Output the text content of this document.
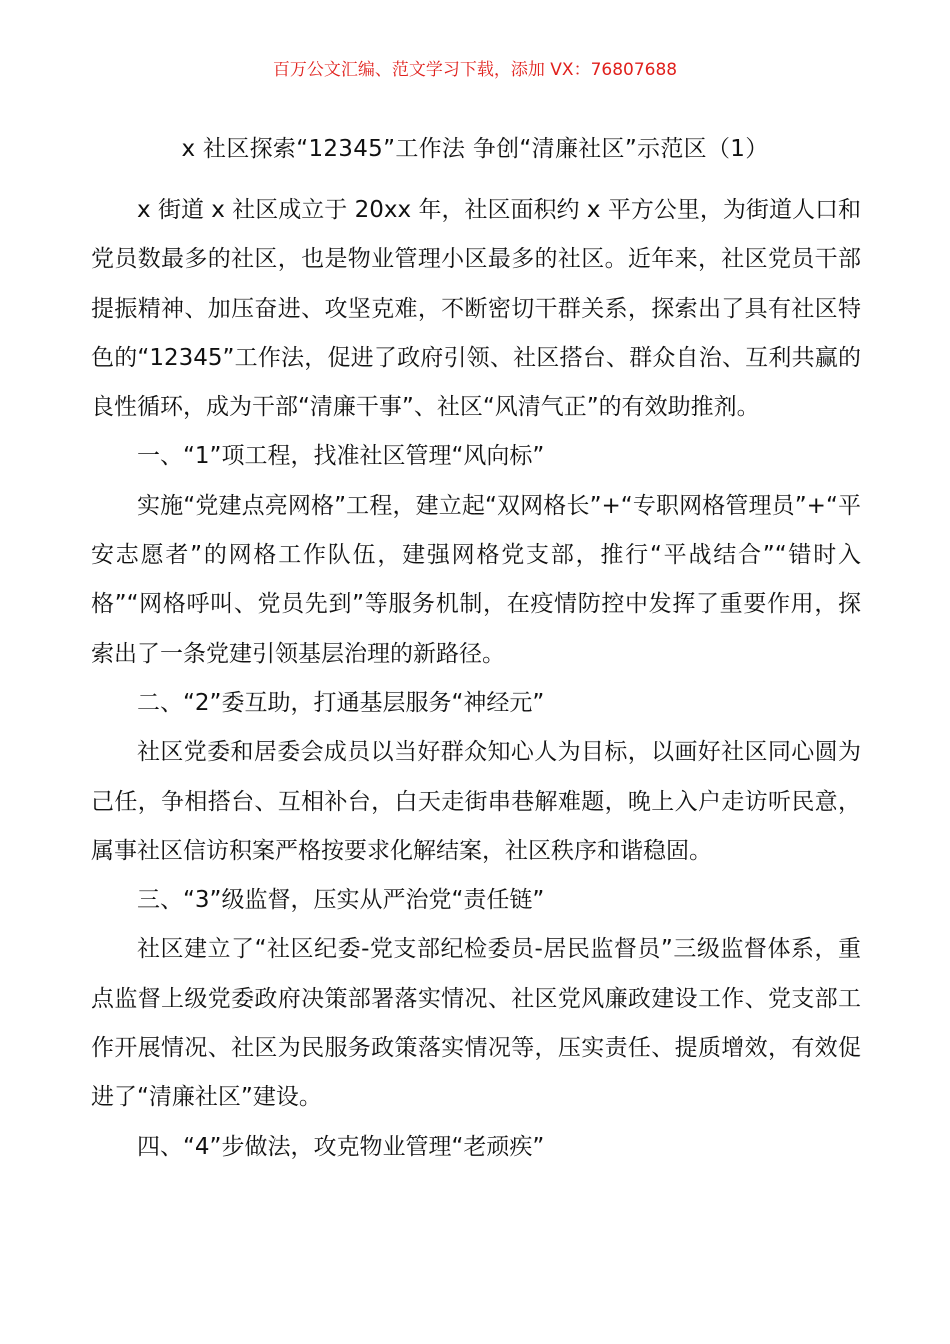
百万公文汇编、范文学习下载，添加 VX：76807688
x 社区探索“12345”工作法 争创“清廉社区”示范区（1）

x 街道 x 社区成立于 20xx 年，社区面积约 x 平方公里，为街道人口和党员数最多的社区，也是物业管理小区最多的社区。近年来，社区党员干部提振精神、加压奋进、攻坚克难，不断密切干群关系，探索出了具有社区特色的“12345”工作法，促进了政府引领、社区搭台、群众自治、互利共赢的良性循环，成为干部“清廉干事”、社区“风清气正”的有效助推剂。

一、“1”项工程，找准社区管理“风向标”

实施“党建点亮网格”工程，建立起“双网格长”+“专职网格管理员”+“平安志愿者”的网格工作队伍，建强网格党支部，推行“平战结合”“错时入格”“网格呼叫、党员先到”等服务机制，在疫情防控中发挥了重要作用，探索出了一条党建引领基层治理的新路径。

二、“2”委互助，打通基层服务“神经元”

社区党委和居委会成员以当好群众知心人为目标，以画好社区同心圆为己任，争相搭台、互相补台，白天走街串巷解难题，晚上入户走访听民意，属事社区信访积案严格按要求化解结案，社区秩序和谐稳固。

三、“3”级监督，压实从严治党“责任链”

社区建立了“社区纪委-党支部纪检委员-居民监督员”三级监督体系，重点监督上级党委政府决策部署落实情况、社区党风廉政建设工作、党支部工作开展情况、社区为民服务政策落实情况等，压实责任、提质增效，有效促进了“清廉社区”建设。

四、“4”步做法，攻克物业管理“老顽疾”
